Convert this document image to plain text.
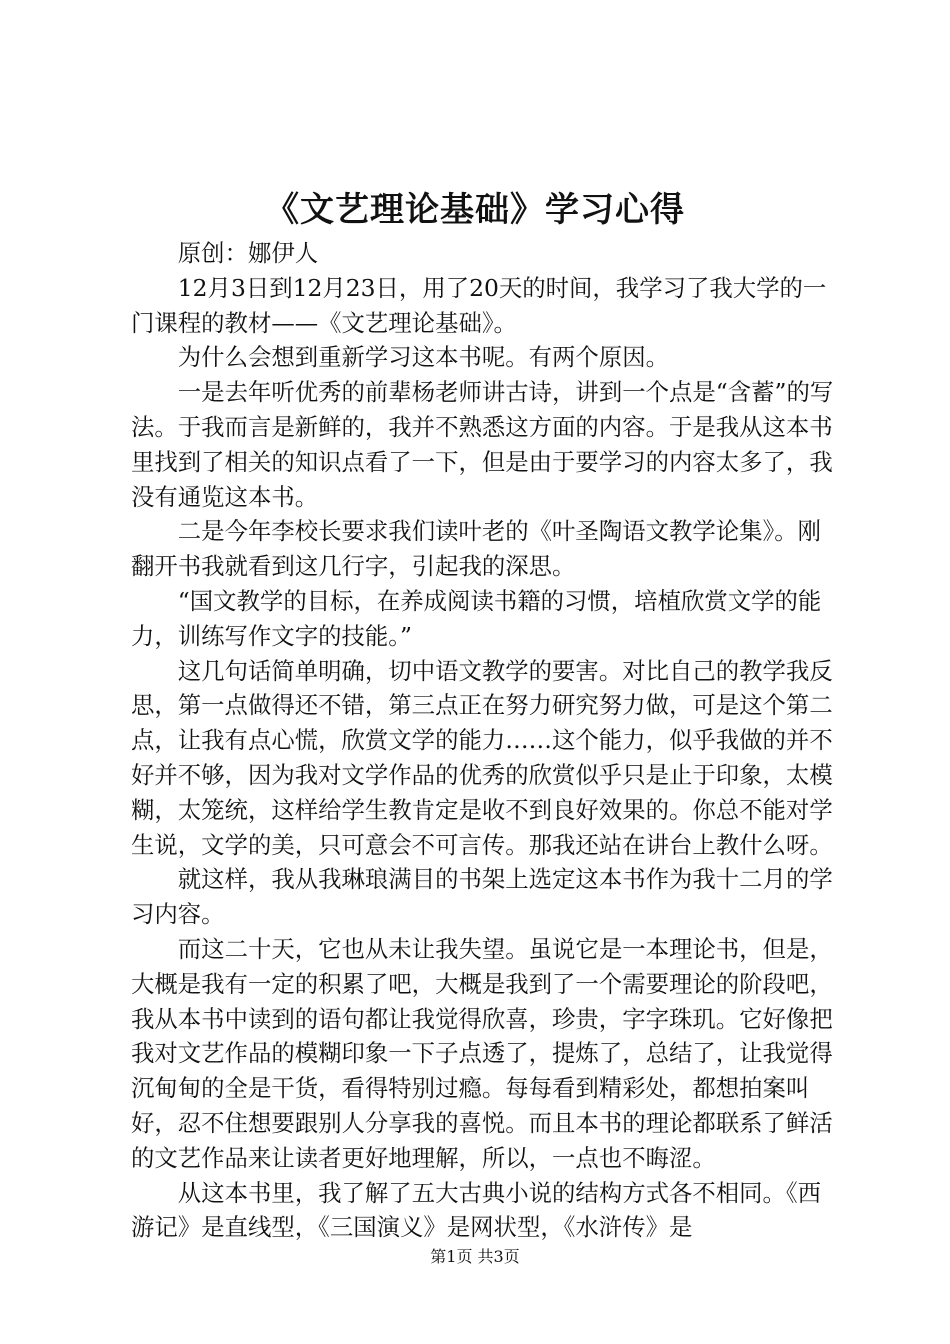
《文艺理论基础》学习心得

原创：娜伊人

12月3日到12月23日，用了20天的时间，我学习了我大学的一门课程的教材——《文艺理论基础》。

为什么会想到重新学习这本书呢。有两个原因。

一是去年听优秀的前辈杨老师讲古诗，讲到一个点是“含蓄”的写法。于我而言是新鲜的，我并不熟悉这方面的内容。于是我从这本书里找到了相关的知识点看了一下，但是由于要学习的内容太多了，我没有通览这本书。

二是今年李校长要求我们读叶老的《叶圣陶语文教学论集》。刚翻开书我就看到这几行字，引起我的深思。

“国文教学的目标，在养成阅读书籍的习惯，培植欣赏文学的能力，训练写作文字的技能。”

这几句话简单明确，切中语文教学的要害。对比自己的教学我反思，第一点做得还不错，第三点正在努力研究努力做，可是这个第二点，让我有点心慌，欣赏文学的能力……这个能力，似乎我做的并不好并不够，因为我对文学作品的优秀的欣赏似乎只是止于印象，太模糊，太笼统，这样给学生教肯定是收不到良好效果的。你总不能对学生说，文学的美，只可意会不可言传。那我还站在讲台上教什么呀。

就这样，我从我琳琅满目的书架上选定这本书作为我十二月的学习内容。

而这二十天，它也从未让我失望。虽说它是一本理论书，但是，大概是我有一定的积累了吧，大概是我到了一个需要理论的阶段吧，我从本书中读到的语句都让我觉得欣喜，珍贵，字字珠玑。它好像把我对文艺作品的模糊印象一下子点透了，提炼了，总结了，让我觉得沉甸甸的全是干货，看得特别过瘾。每每看到精彩处，都想拍案叫好，忍不住想要跟别人分享我的喜悦。而且本书的理论都联系了鲜活的文艺作品来让读者更好地理解，所以，一点也不晦涩。

从这本书里，我了解了五大古典小说的结构方式各不相同。《西游记》是直线型，《三国演义》是网状型，《水浒传》是

第1页 共3页
